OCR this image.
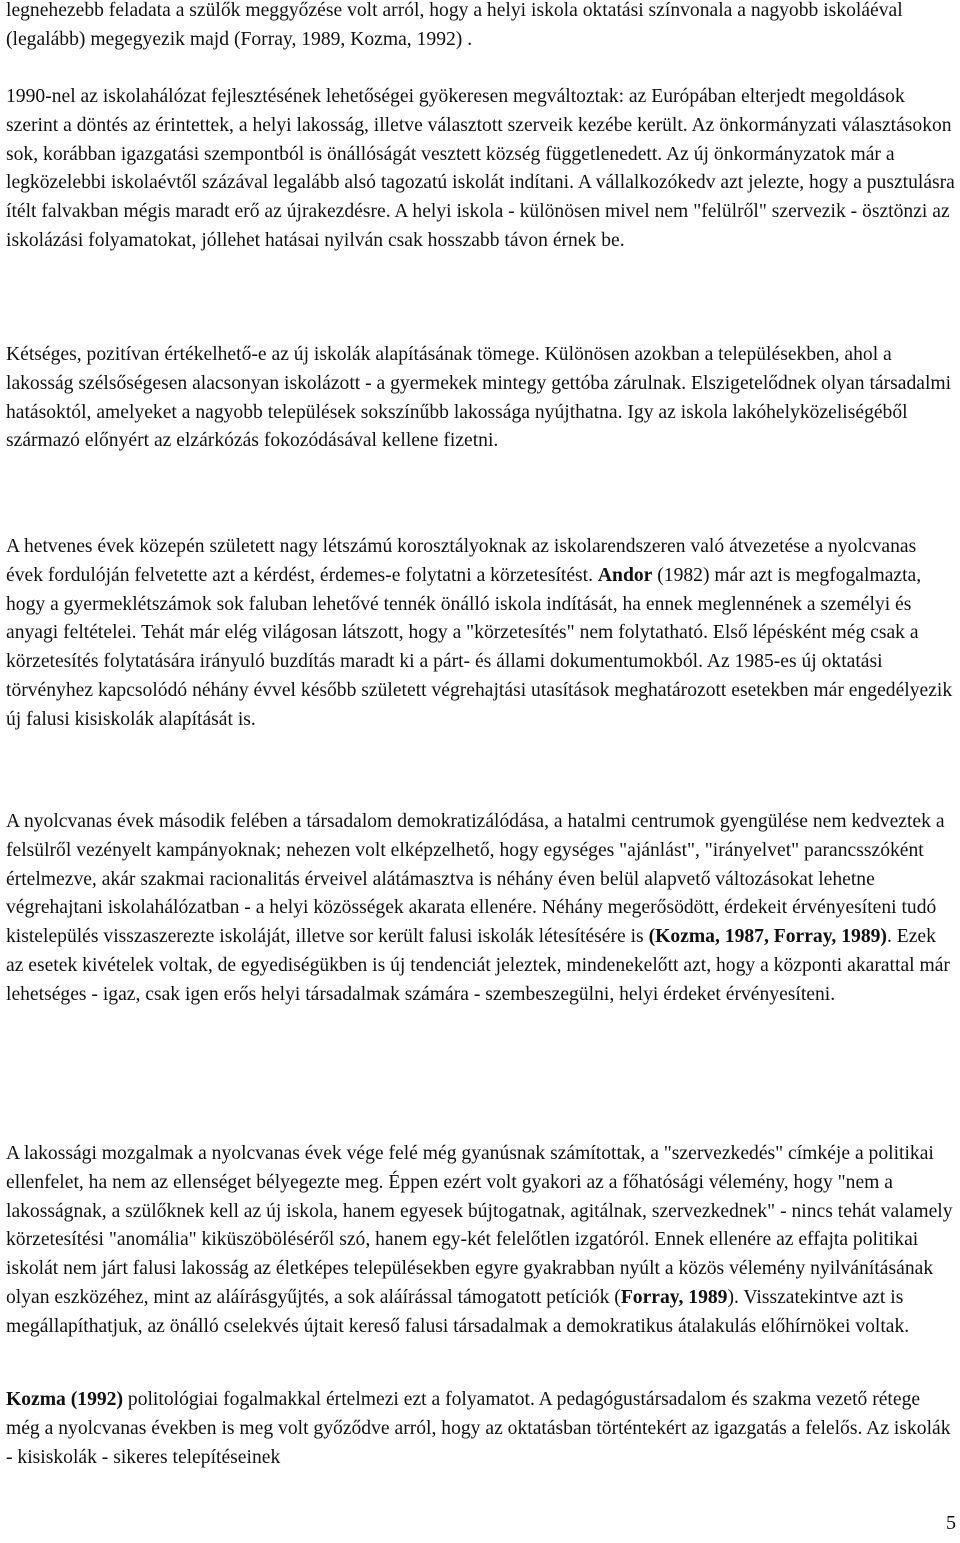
legnehezebb feladata a szülők meggyőzése volt arról, hogy a helyi iskola oktatási színvonala a nagyobb iskoláéval (legalább) megegyezik majd (Forray, 1989, Kozma, 1992) .
1990-nel az iskolahálózat fejlesztésének lehetőségei gyökeresen megváltoztak: az Európában elterjedt megoldások szerint a döntés az érintettek, a helyi lakosság, illetve választott szerveik kezébe került. Az önkormányzati választásokon sok, korábban igazgatási szempontból is önállóságát vesztett község függetlenedett. Az új önkormányzatok már a legközelebbi iskolaévtől százával legalább alsó tagozatú iskolát indítani. A vállalkozókedv azt jelezte, hogy a pusztulásra ítélt falvakban mégis maradt erő az újrakezdésre. A helyi iskola - különösen mivel nem "felülről" szervezik - ösztönzi az iskolázási folyamatokat, jóllehet hatásai nyilván csak hosszabb távon érnek be.
Kétséges, pozitívan értékelhető-e az új iskolák alapításának tömege. Különösen azokban a településekben, ahol a lakosság szélsőségesen alacsonyan iskolázott - a gyermekek mintegy gettóba zárulnak. Elszigetelődnek olyan társadalmi hatásoktól, amelyeket a nagyobb települések sokszínűbb lakossága nyújthatna. Igy az iskola lakóhelyközeliségéből származó előnyért az elzárkózás fokozódásával kellene fizetni.
A hetvenes évek közepén született nagy létszámú korosztályoknak az iskolarendszeren való átvezetése a nyolcvanas évek fordulóján felvetette azt a kérdést, érdemes-e folytatni a körzetesítést. Andor (1982) már azt is megfogalmazta, hogy a gyermeklétszámok sok faluban lehetővé tennék önálló iskola indítását, ha ennek meglennének a személyi és anyagi feltételei. Tehát már elég világosan látszott, hogy a "körzetesítés" nem folytatható. Első lépésként még csak a körzetesítés folytatására irányuló buzdítás maradt ki a párt- és állami dokumentumokból. Az 1985-es új oktatási törvényhez kapcsolódó néhány évvel később született végrehajtási utasítások meghatározott esetekben már engedélyezik új falusi kisiskolák alapítását is.
A nyolcvanas évek második felében a társadalom demokratizálódása, a hatalmi centrumok gyengülése nem kedveztek a felsülről vezényelt kampányoknak; nehezen volt elképzelhető, hogy egységes "ajánlást", "irányelvet" parancsszóként értelmezve, akár szakmai racionalitás érveivel alátámasztva is néhány éven belül alapvető változásokat lehetne végrehajtani iskolahálózatban - a helyi közösségek akarata ellenére. Néhány megerősödött, érdekeit érvényesíteni tudó kistelepülés visszaszerezte iskoláját, illetve sor került falusi iskolák létesítésére is (Kozma, 1987, Forray, 1989). Ezek az esetek kivételek voltak, de egyediségükben is új tendenciát jeleztek, mindenekelőtt azt, hogy a központi akarattal már lehetséges - igaz, csak igen erős helyi társadalmak számára - szembeszegülni, helyi érdeket érvényesíteni.
A lakossági mozgalmak a nyolcvanas évek vége felé még gyanúsnak számítottak, a "szervezkedés" címkéje a politikai ellenfelet, ha nem az ellenséget bélyegezte meg. Éppen ezért volt gyakori az a főhatósági vélemény, hogy "nem a lakosságnak, a szülőknek kell az új iskola, hanem egyesek bújtogatnak, agitálnak, szervezkednek" - nincs tehát valamely körzetesítési "anomália" kiküszöböléséről szó, hanem egy-két felelőtlen izgatóról. Ennek ellenére az effajta politikai iskolát nem járt falusi lakosság az életképes településekben egyre gyakrabban nyúlt a közös vélemény nyilvánításának olyan eszközéhez, mint az aláírásgyűjtés, a sok aláírással támogatott petíciók (Forray, 1989). Visszatekintve azt is megállapíthatjuk, az önálló cselekvés újtait kereső falusi társadalmak a demokratikus átalakulás előhírnökei voltak.
Kozma (1992) politológiai fogalmakkal értelmezi ezt a folyamatot. A pedagógustársadalom és szakma vezető rétege még a nyolcvanas években is meg volt győződve arról, hogy az oktatásban történtekért az igazgatás a felelős. Az iskolák - kisiskolák - sikeres telepítéseinek
5
